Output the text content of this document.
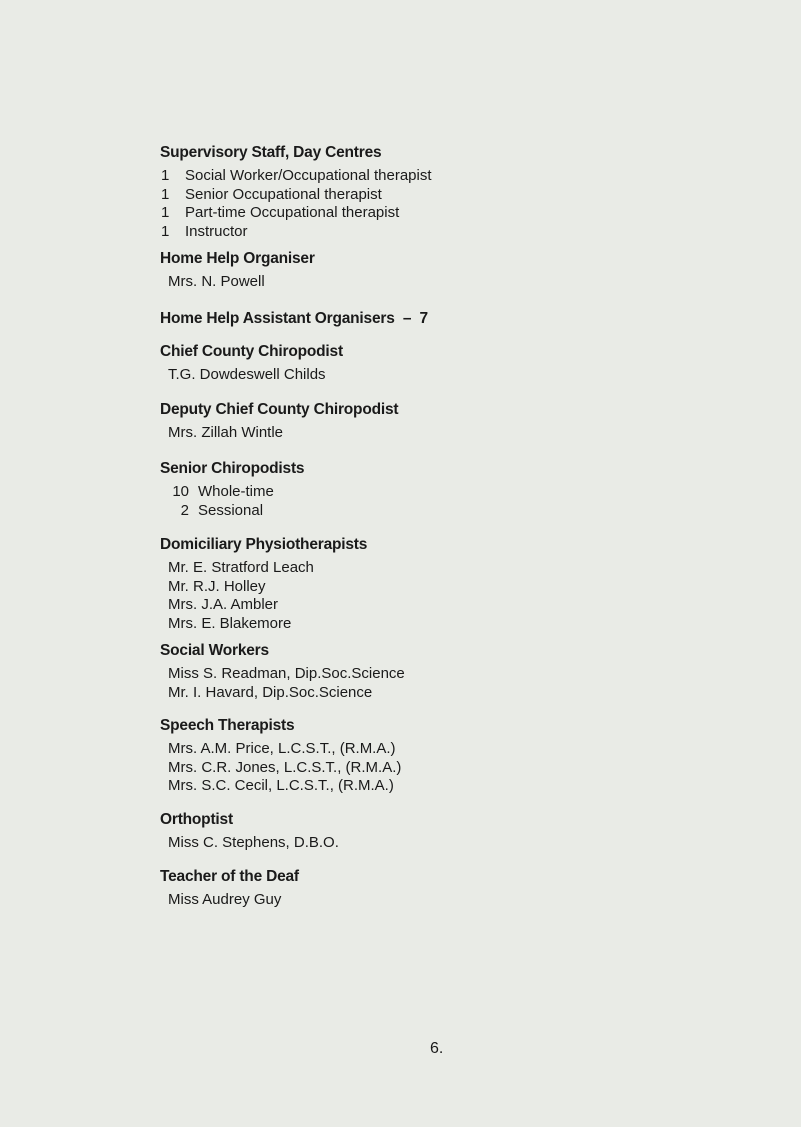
Supervisory Staff, Day Centres
1	Social Worker/Occupational therapist
1	Senior Occupational therapist
1	Part-time Occupational therapist
1	Instructor
Home Help Organiser
Mrs. N. Powell
Home Help Assistant Organisers  –  7
Chief County Chiropodist
T.G. Dowdeswell Childs
Deputy Chief County Chiropodist
Mrs. Zillah Wintle
Senior Chiropodists
10 Whole-time
2 Sessional
Domiciliary Physiotherapists
Mr. E. Stratford Leach
Mr. R.J. Holley
Mrs. J.A. Ambler
Mrs. E. Blakemore
Social Workers
Miss S. Readman, Dip.Soc.Science
Mr. I. Havard, Dip.Soc.Science
Speech Therapists
Mrs. A.M. Price, L.C.S.T., (R.M.A.)
Mrs. C.R. Jones, L.C.S.T., (R.M.A.)
Mrs. S.C. Cecil, L.C.S.T., (R.M.A.)
Orthoptist
Miss C. Stephens, D.B.O.
Teacher of the Deaf
Miss Audrey Guy
6.
